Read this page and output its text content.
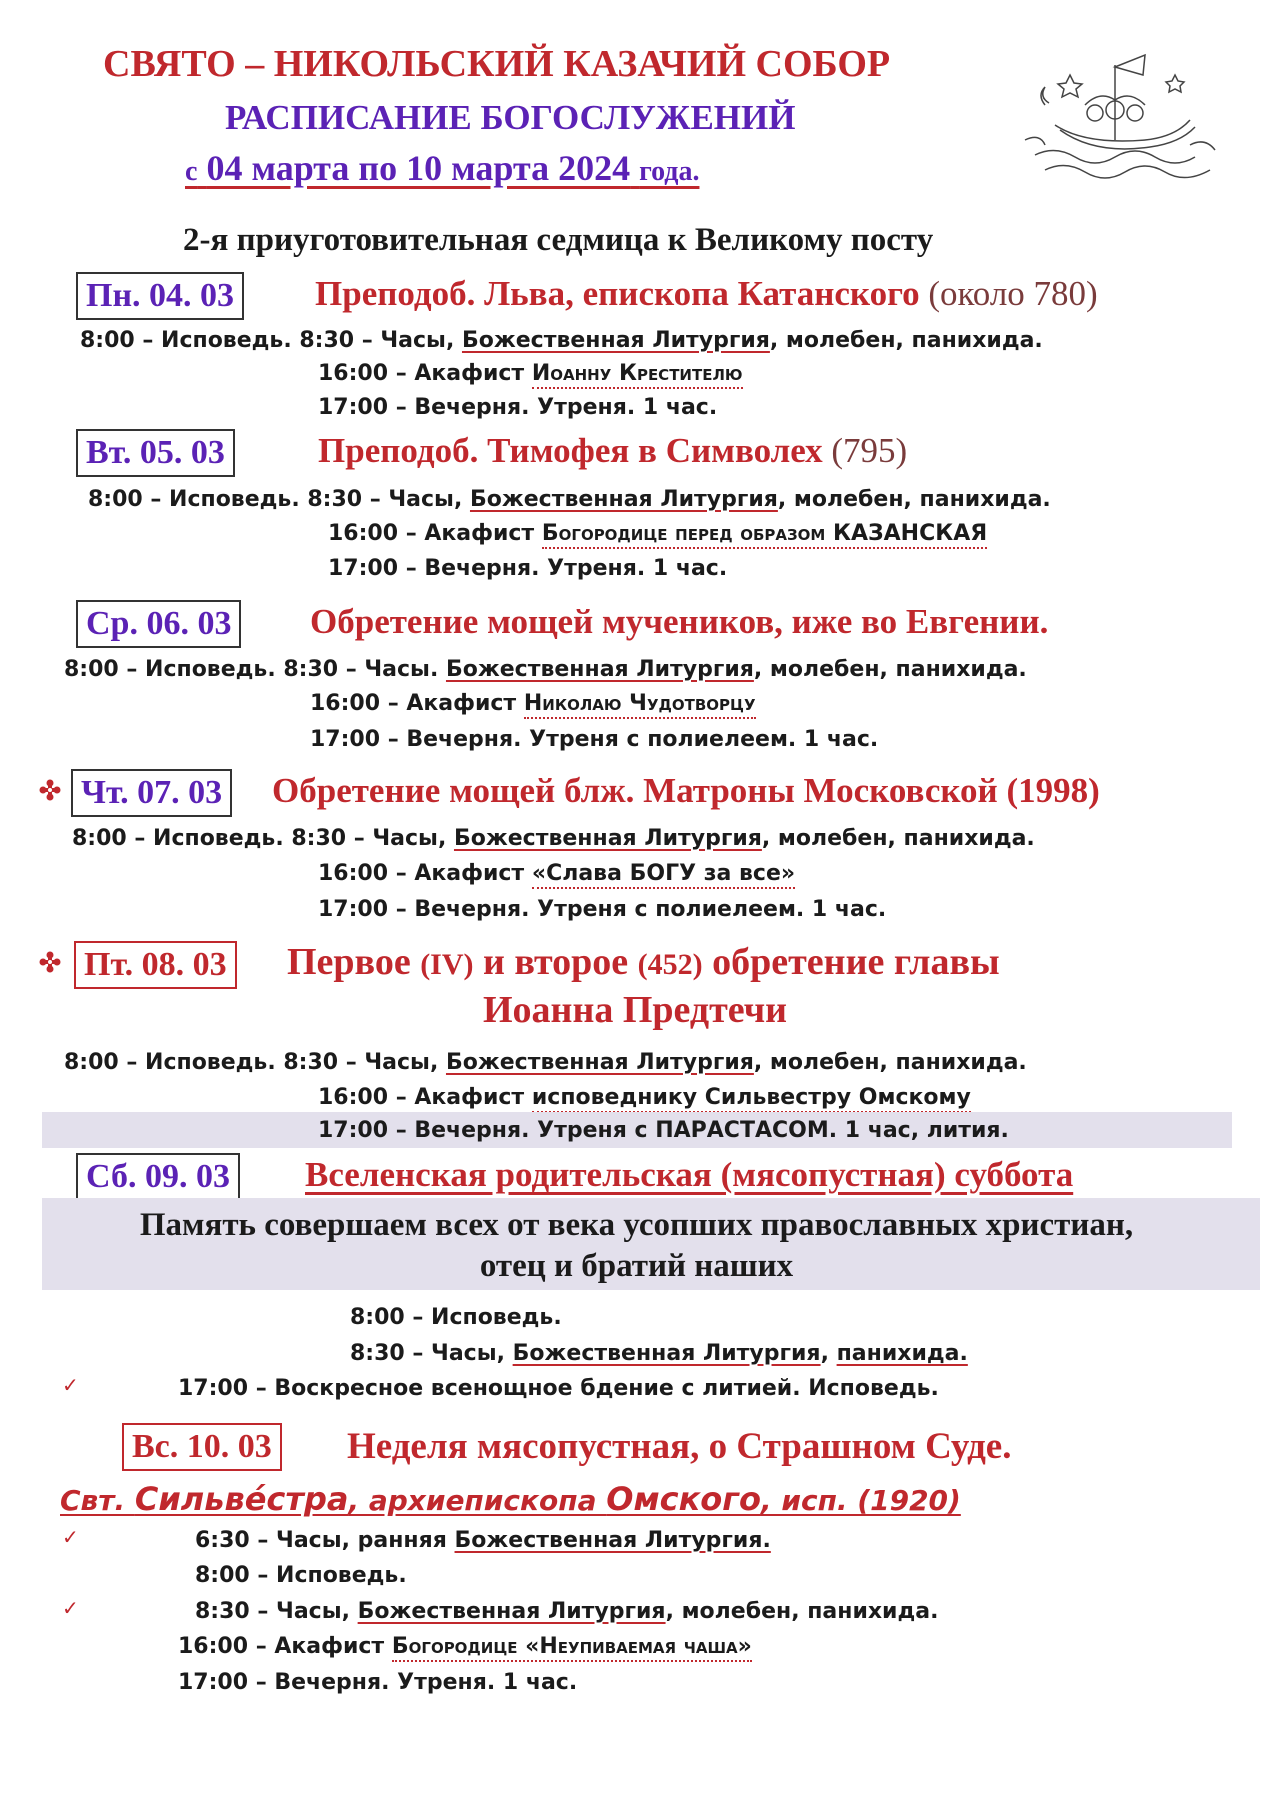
СВЯТО – НИКОЛЬСКИЙ КАЗАЧИЙ СОБОР
РАСПИСАНИЕ БОГОСЛУЖЕНИЙ
с 04 марта по 10 марта 2024 года.
2-я приуготовительная седмица к Великому посту
Пн. 04. 03 Преподоб. Льва, епископа Катанского (около 780)
8:00 – Исповедь. 8:30 – Часы, Божественная Литургия, молебен, панихида.
16:00 – Акафист Иоанну Крестителю
17:00 – Вечерня. Утреня. 1 час.
Вт. 05. 03	Преподоб. Тимофея в Символех (795)
8:00 – Исповедь. 8:30 – Часы, Божественная Литургия, молебен, панихида.
16:00 – Акафист Богородице перед образом КАЗАНСКАЯ
17:00 – Вечерня. Утреня. 1 час.
Ср. 06. 03 Обретение мощей мучеников, иже во Евгении.
8:00 – Исповедь. 8:30 – Часы. Божественная Литургия, молебен, панихида.
16:00 – Акафист Николаю Чудотворцу
17:00 – Вечерня. Утреня с полиелеем. 1 час.
Чт. 07. 03 Обретение мощей блж. Матроны Московской (1998)
8:00 – Исповедь. 8:30 – Часы, Божественная Литургия, молебен, панихида.
16:00 – Акафист «Слава БОГУ за все»
17:00 – Вечерня. Утреня с полиелеем. 1 час.
Пт. 08. 03 Первое (IV) и второе (452) обретение главы
Иоанна Предтечи
8:00 – Исповедь. 8:30 – Часы, Божественная Литургия, молебен, панихида.
16:00 – Акафист исповеднику Сильвестру Омскому
17:00 – Вечерня. Утреня с ПАРАСТАСОМ. 1 час, лития.
Сб. 09. 03 Вселенская родительская (мясопустная) суббота
Память совершаем всех от века усопших православных христиан,
отец и братий наших
8:00 – Исповедь.
8:30 – Часы, Божественная Литургия, панихида.
✓	17:00 – Воскресное всенощное бдение с литией. Исповедь.
Вс. 10. 03 Неделя мясопустная, о Страшном Суде.
Свт. Сильве́стра, архиепископа Омского, исп. (1920)
✓	6:30 – Часы, ранняя Божественная Литургия.
8:00 – Исповедь.
✓	8:30 – Часы, Божественная Литургия, молебен, панихида.
16:00 – Акафист Богородице «Неупиваемая чаша»
17:00 – Вечерня. Утреня. 1 час.
